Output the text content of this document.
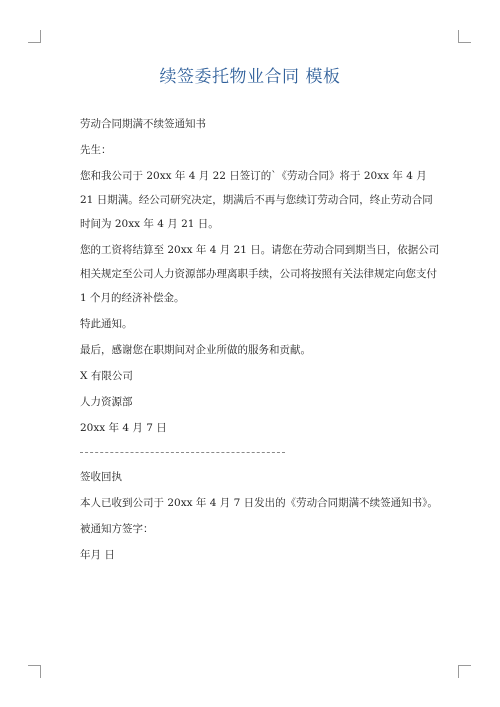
续签委托物业合同 模板

劳动合同期满不续签通知书

先生：

您和我公司于 20xx 年 4 月 22 日签订的`《劳动合同》将于 20xx 年 4 月 21 日期满。经公司研究决定，期满后不再与您续订劳动合同，终止劳动合同时间为 20xx 年 4 月 21 日。

您的工资将结算至 20xx 年 4 月 21 日。请您在劳动合同到期当日，依据公司相关规定至公司人力资源部办理离职手续，公司将按照有关法律规定向您支付 1 个月的经济补偿金。

特此通知。

最后，感谢您在职期间对企业所做的服务和贡献。

X 有限公司

人力资源部

20xx 年 4 月 7 日

签收回执

本人已收到公司于 20xx 年 4 月 7 日发出的《劳动合同期满不续签通知书》。

被通知方签字：

年月 日
